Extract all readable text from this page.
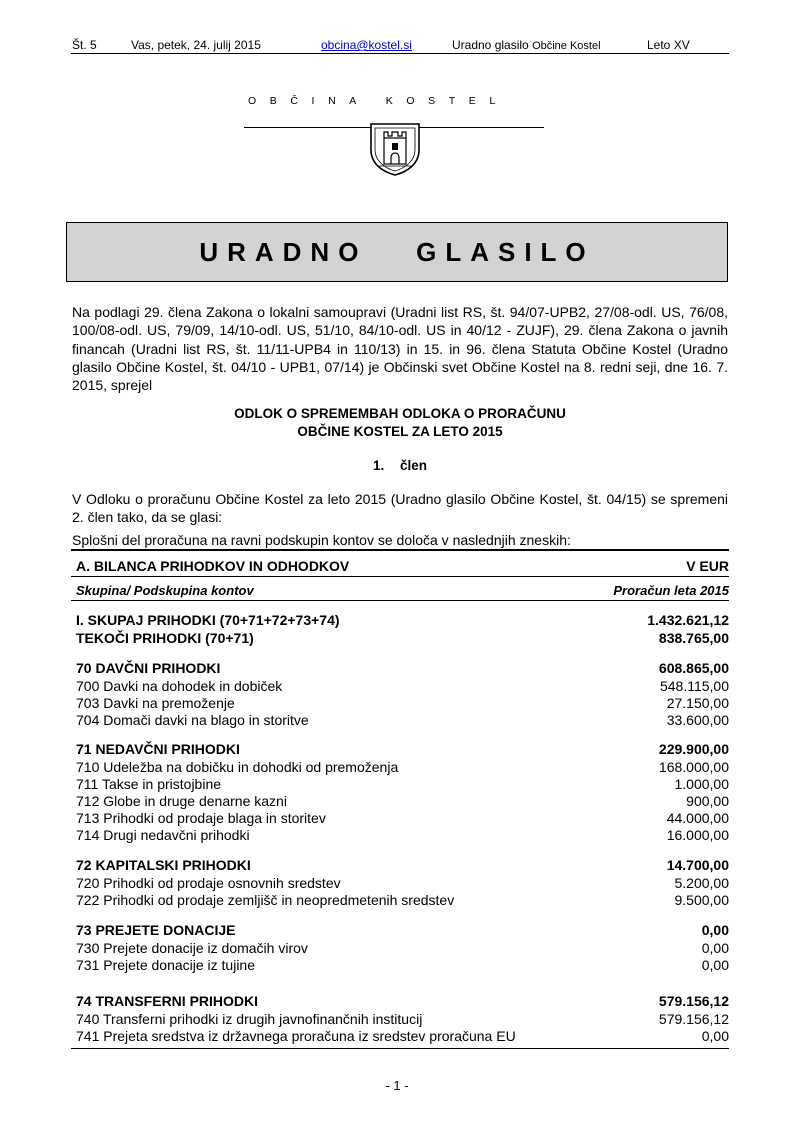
Št. 5	Vas, petek, 24. julij 2015	obcina@kostel.si	Uradno glasilo Občine Kostel	Leto XV
OBČINA KOSTEL
URADNO   GLASILO
Na podlagi 29. člena Zakona o lokalni samoupravi (Uradni list RS, št. 94/07-UPB2, 27/08-odl. US, 76/08, 100/08-odl. US, 79/09, 14/10-odl. US, 51/10, 84/10-odl. US in 40/12 - ZUJF), 29. člena Zakona o javnih financah (Uradni list RS, št. 11/11-UPB4 in 110/13) in 15. in 96. člena Statuta Občine Kostel (Uradno glasilo Občine Kostel, št. 04/10 - UPB1, 07/14) je Občinski svet Občine Kostel na 8. redni seji, dne 16. 7. 2015, sprejel
ODLOK O SPREMEMBAH ODLOKA O PRORAČUNU
OBČINE KOSTEL ZA LETO 2015
1. člen
V Odloku o proračunu Občine Kostel za leto 2015 (Uradno glasilo Občine Kostel, št. 04/15) se spremeni 2. člen tako, da se glasi:
Splošni del proračuna na ravni podskupin kontov se določa v naslednjih zneskih:
A. BILANCA PRIHODKOV IN ODHODKOV	V EUR
Skupina/ Podskupina kontov	Proračun leta 2015
I. SKUPAJ PRIHODKI (70+71+72+73+74)	1.432.621,12
TEKOČI PRIHODKI (70+71)	838.765,00
70 DAVČNI PRIHODKI	608.865,00
700 Davki na dohodek in dobiček	548.115,00
703 Davki na premoženje	27.150,00
704 Domači davki na blago in storitve	33.600,00
71 NEDAVČNI PRIHODKI	229.900,00
710 Udeležba na dobičku in dohodki od premoženja	168.000,00
711 Takse in pristojbine	1.000,00
712 Globe in druge denarne kazni	900,00
713 Prihodki od prodaje blaga in storitev	44.000,00
714 Drugi nedavčni prihodki	16.000,00
72 KAPITALSKI PRIHODKI	14.700,00
720 Prihodki od prodaje osnovnih sredstev	5.200,00
722 Prihodki od prodaje zemljišč in neopredmetenih sredstev	9.500,00
73 PREJETE DONACIJE	0,00
730 Prejete donacije iz domačih virov	0,00
731 Prejete donacije iz tujine	0,00
74 TRANSFERNI PRIHODKI	579.156,12
740 Transferni prihodki iz drugih javnofinančnih institucij	579.156,12
741 Prejeta sredstva iz državnega proračuna iz sredstev proračuna EU	0,00
- 1 -
